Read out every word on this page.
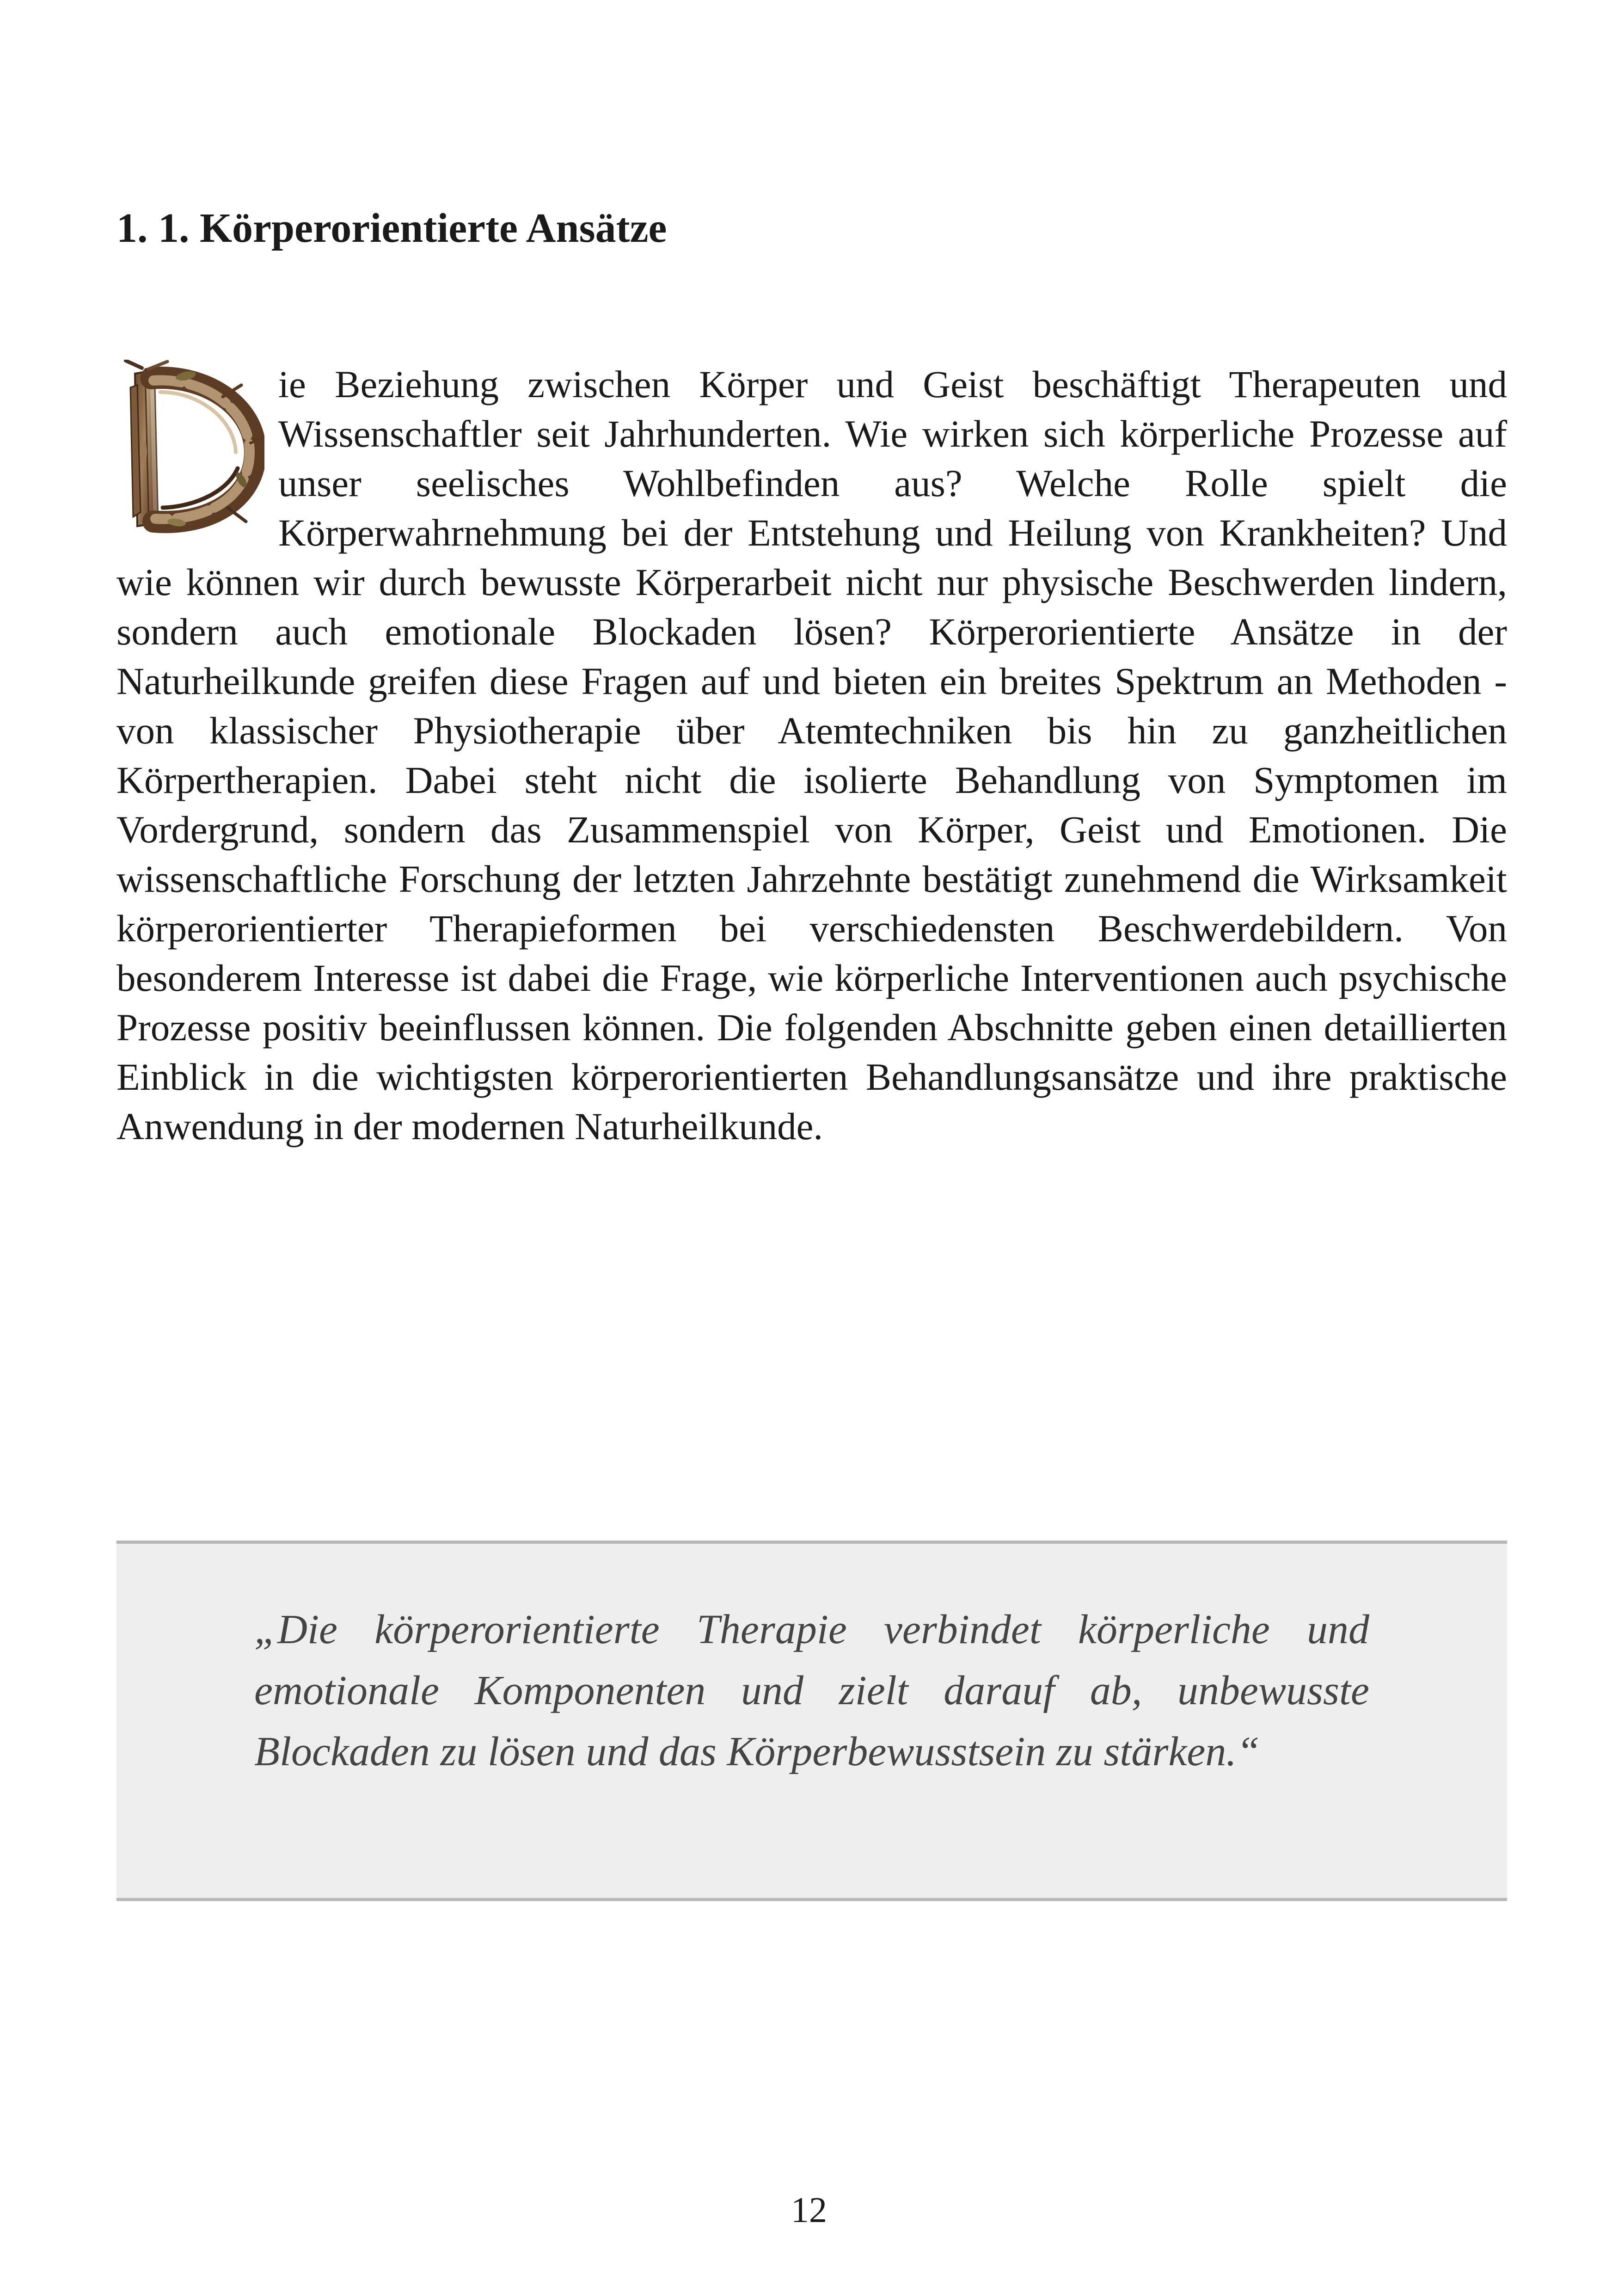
1. 1. Körperorientierte Ansätze
ie Beziehung zwischen Körper und Geist beschäftigt Therapeuten und Wissenschaftler seit Jahrhunderten. Wie wirken sich körperliche Prozesse auf unser seelisches Wohlbefinden aus? Welche Rolle spielt die Körperwahrnehmung bei der Entstehung und Heilung von Krankheiten? Und wie können wir durch bewusste Körperarbeit nicht nur physische Beschwerden lindern, sondern auch emotionale Blockaden lösen? Körperorientierte Ansätze in der Naturheilkunde greifen diese Fragen auf und bieten ein breites Spektrum an Methoden - von klassischer Physiotherapie über Atemtechniken bis hin zu ganzheitlichen Körpertherapien. Dabei steht nicht die isolierte Behandlung von Symptomen im Vordergrund, sondern das Zusammenspiel von Körper, Geist und Emotionen. Die wissenschaftliche Forschung der letzten Jahrzehnte bestätigt zunehmend die Wirksamkeit körperorientierter Therapieformen bei verschiedensten Beschwerdebildern. Von besonderem Interesse ist dabei die Frage, wie körperliche Interventionen auch psychische Prozesse positiv beeinflussen können. Die folgenden Abschnitte geben einen detaillierten Einblick in die wichtigsten körperorientierten Behandlungsansätze und ihre praktische Anwendung in der modernen Naturheilkunde.

„Die körperorientierte Therapie verbindet körperliche und emotionale Komponenten und zielt darauf ab, unbewusste Blockaden zu lösen und das Körperbewusstsein zu stärken.“

12
